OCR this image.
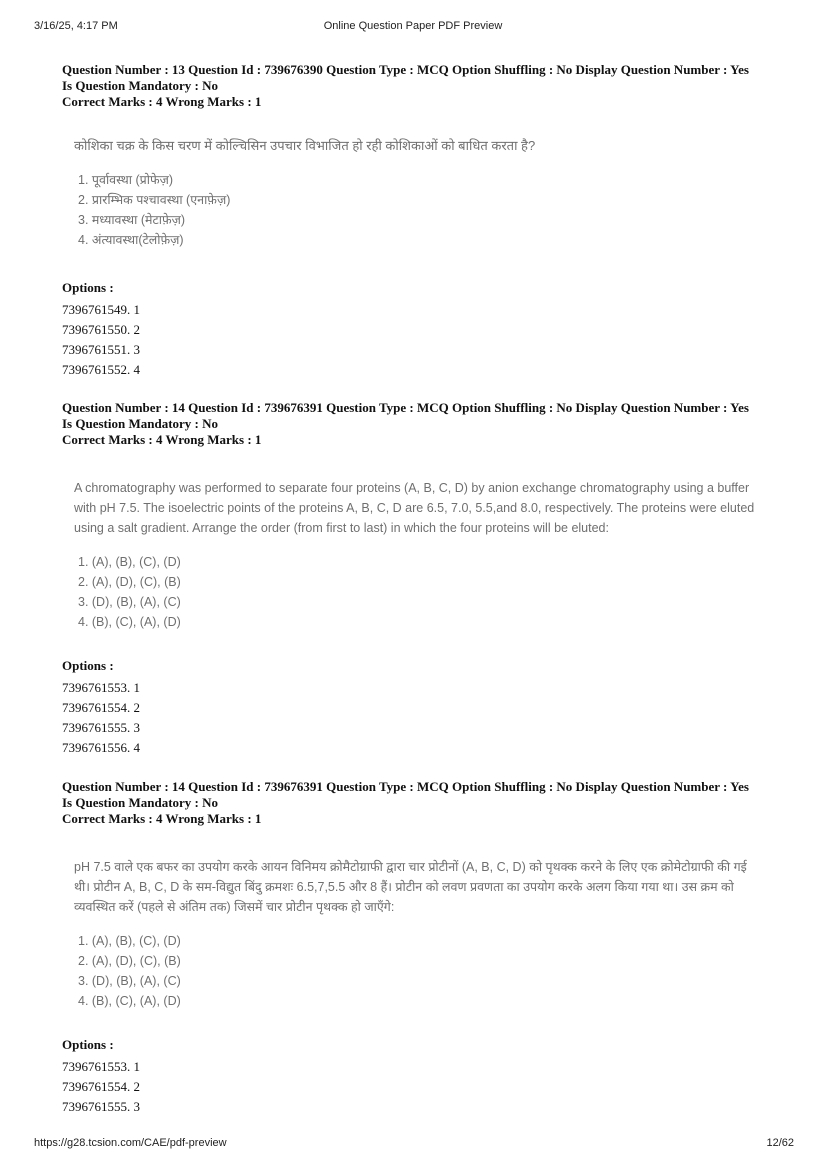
3/16/25, 4:17 PM	Online Question Paper PDF Preview
Question Number : 13 Question Id : 739676390 Question Type : MCQ Option Shuffling : No Display Question Number : Yes
Is Question Mandatory : No
Correct Marks : 4 Wrong Marks : 1

कोशिका चक्र के किस चरण में कोल्चिसिन उपचार विभाजित हो रही कोशिकाओं को बाधित करता है?

1. पूर्वावस्था (प्रोफेज़)
2. प्रारम्भिक पश्चावस्था (एनाफ़ेज़)
3. मध्यावस्था (मेटाफ़ेज़)
4. अंत्यावस्था(टेलोफ़ेज़)
Options :
7396761549. 1
7396761550. 2
7396761551. 3
7396761552. 4
Question Number : 14 Question Id : 739676391 Question Type : MCQ Option Shuffling : No Display Question Number : Yes
Is Question Mandatory : No
Correct Marks : 4 Wrong Marks : 1

A chromatography was performed to separate four proteins (A, B, C, D) by anion exchange chromatography using a buffer with pH 7.5. The isoelectric points of the proteins A, B, C, D are 6.5, 7.0, 5.5,and 8.0, respectively. The proteins were eluted using a salt gradient. Arrange the order (from first to last) in which the four proteins will be eluted:

1. (A), (B), (C), (D)
2. (A), (D), (C), (B)
3. (D), (B), (A), (C)
4. (B), (C), (A), (D)
Options :
7396761553. 1
7396761554. 2
7396761555. 3
7396761556. 4
Question Number : 14 Question Id : 739676391 Question Type : MCQ Option Shuffling : No Display Question Number : Yes
Is Question Mandatory : No
Correct Marks : 4 Wrong Marks : 1

pH 7.5 वाले एक बफर का उपयोग करके आयन विनिमय क्रोमैटोग्राफी द्वारा चार प्रोटीनों (A, B, C, D) को पृथक्क करने के लिए एक क्रोमेटोग्राफी की गई थी। प्रोटीन A, B, C, D के सम-विद्युत बिंदु क्रमशः 6.5,7,5.5 और 8 हैं। प्रोटीन को लवण प्रवणता का उपयोग करके अलग किया गया था। उस क्रम को व्यवस्थित करें (पहले से अंतिम तक) जिसमें चार प्रोटीन पृथक्क हो जाएँगे:

1. (A), (B), (C), (D)
2. (A), (D), (C), (B)
3. (D), (B), (A), (C)
4. (B), (C), (A), (D)
Options :
7396761553. 1
7396761554. 2
7396761555. 3
https://g28.tcsion.com/CAE/pdf-preview	12/62
